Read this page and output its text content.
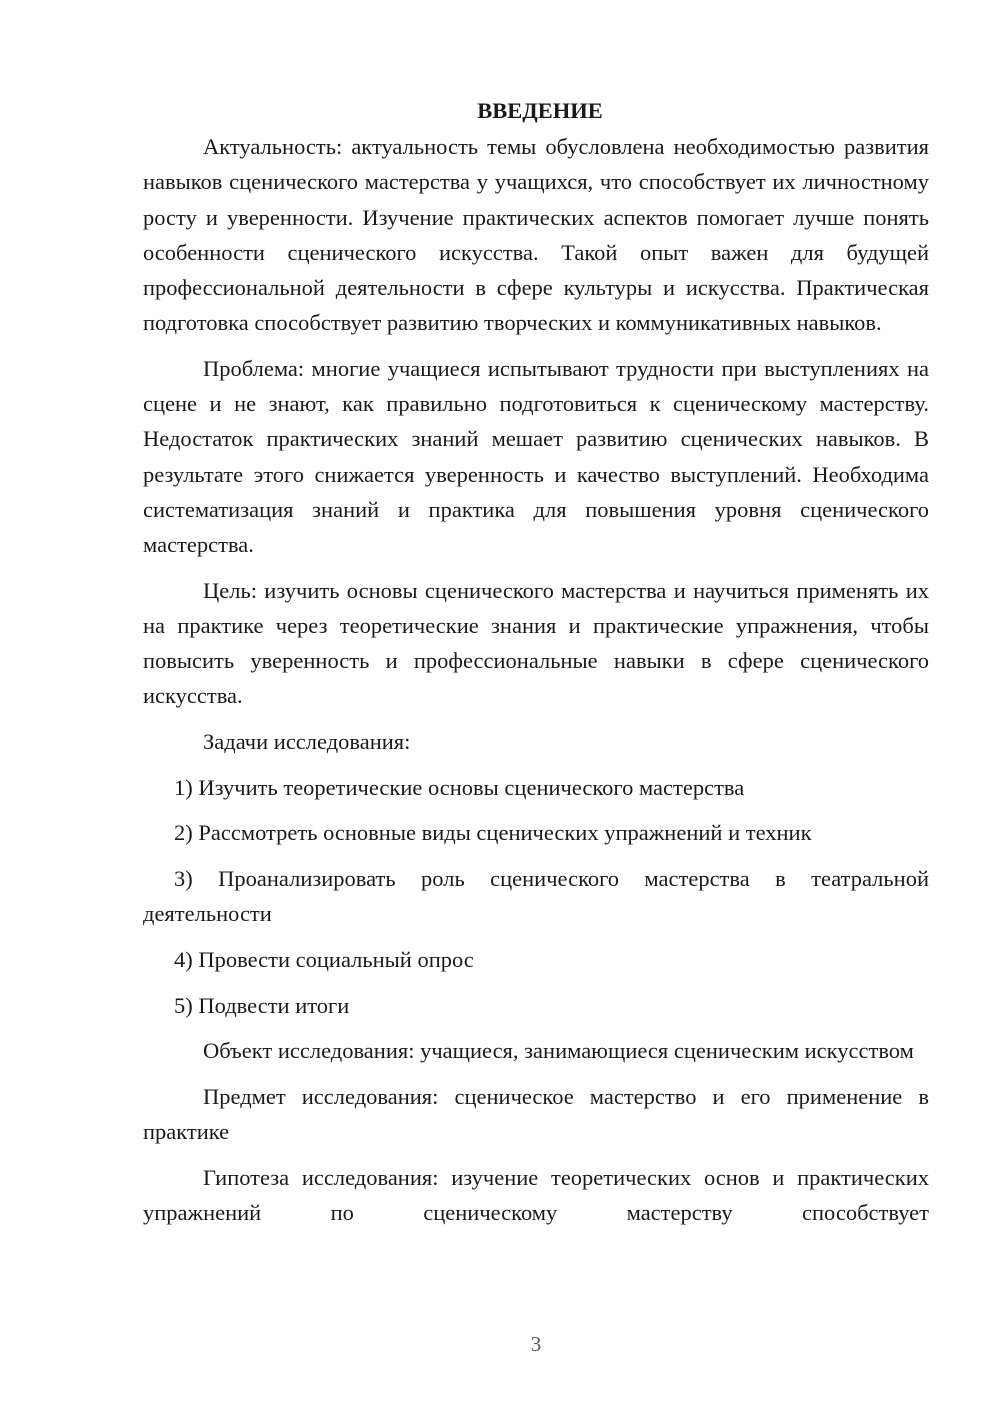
ВВЕДЕНИЕ

Актуальность: актуальность темы обусловлена необходимостью развития навыков сценического мастерства у учащихся, что способствует их личностному росту и уверенности. Изучение практических аспектов помогает лучше понять особенности сценического искусства. Такой опыт важен для будущей профессиональной деятельности в сфере культуры и искусства. Практическая подготовка способствует развитию творческих и коммуникативных навыков.

Проблема: многие учащиеся испытывают трудности при выступлениях на сцене и не знают, как правильно подготовиться к сценическому мастерству. Недостаток практических знаний мешает развитию сценических навыков. В результате этого снижается уверенность и качество выступлений. Необходима систематизация знаний и практика для повышения уровня сценического мастерства.

Цель: изучить основы сценического мастерства и научиться применять их на практике через теоретические знания и практические упражнения, чтобы повысить уверенность и профессиональные навыки в сфере сценического искусства.

Задачи исследования:

1) Изучить теоретические основы сценического мастерства

2) Рассмотреть основные виды сценических упражнений и техник

3) Проанализировать роль сценического мастерства в театральной деятельности

4) Провести социальный опрос

5) Подвести итоги

Объект исследования: учащиеся, занимающиеся сценическим искусством

Предмет исследования: сценическое мастерство и его применение в практике

Гипотеза исследования: изучение теоретических основ и практических упражнений по сценическому мастерству способствует

3
